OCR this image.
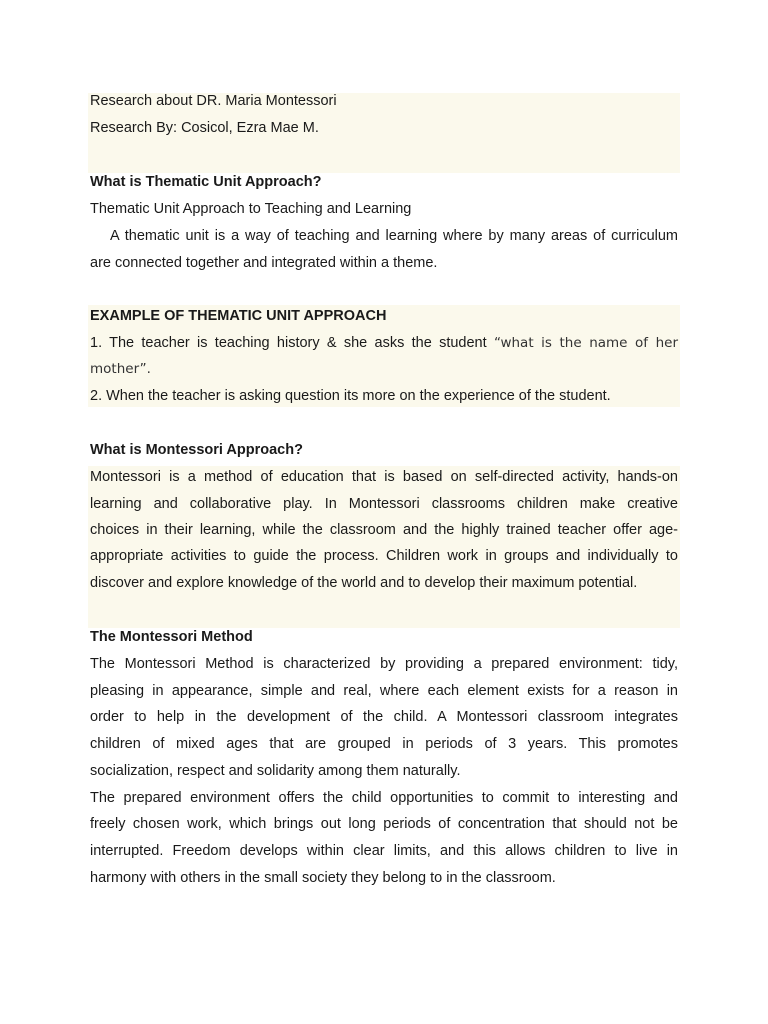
Research about DR. Maria Montessori
Research By: Cosicol, Ezra Mae M.
What is Thematic Unit Approach?
Thematic Unit Approach to Teaching and Learning
A thematic unit is a way of teaching and learning where by many areas of curriculum
are connected together and integrated within a theme.
EXAMPLE OF THEMATIC UNIT APPROACH
1. The teacher is teaching history & she asks the student “what is the name of her
mother”.
2. When the teacher is asking question its more on the experience of the student.
What is Montessori Approach?
Montessori is a method of education that is based on self-directed activity, hands-on
learning and collaborative play. In Montessori classrooms children make creative
choices in their learning, while the classroom and the highly trained teacher offer age-
appropriate activities to guide the process. Children work in groups and individually to
discover and explore knowledge of the world and to develop their maximum potential.
The Montessori Method
The Montessori Method is characterized by providing a prepared environment: tidy,
pleasing in appearance, simple and real, where each element exists for a reason in
order to help in the development of the child. A Montessori classroom integrates
children of mixed ages that are grouped in periods of 3 years. This promotes
socialization, respect and solidarity among them naturally.
The prepared environment offers the child opportunities to commit to interesting and
freely chosen work, which brings out long periods of concentration that should not be
interrupted. Freedom develops within clear limits, and this allows children to live in
harmony with others in the small society they belong to in the classroom.
